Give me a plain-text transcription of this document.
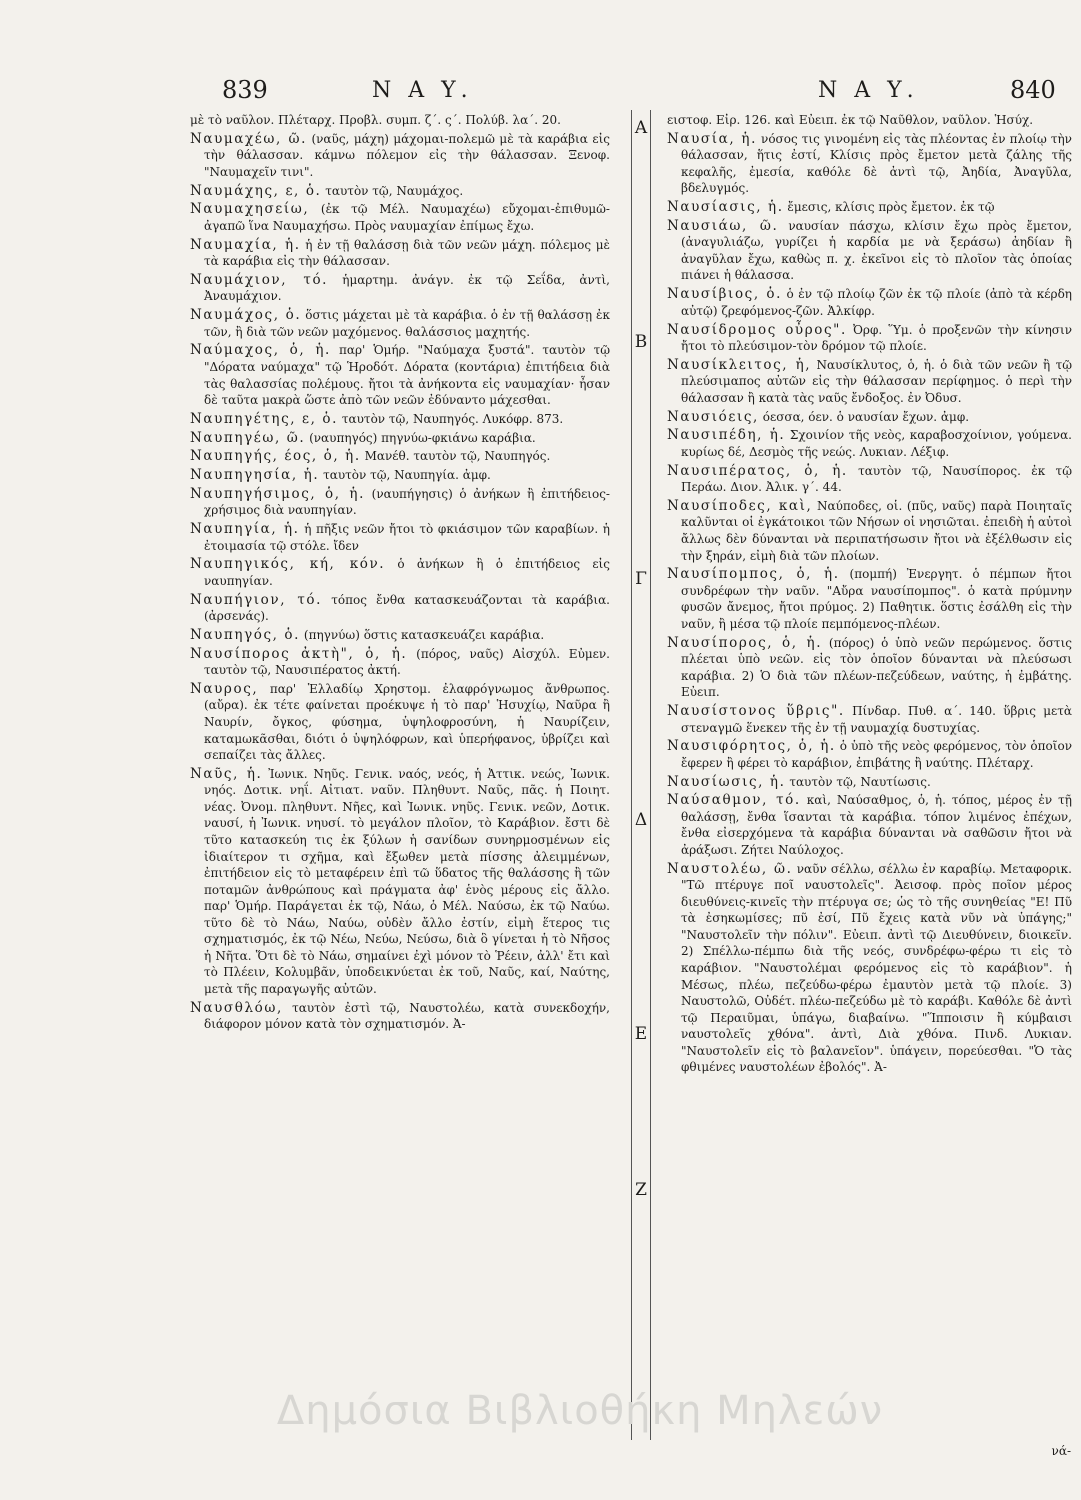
839	Ν Α Υ.	Ν Α Υ.	840
μὲ τὸ ναῦλον. Πλέταρχ. Προβλ. συμπ. ζ΄. ς΄. Πολύβ. λα΄. 20.
Ναυμαχέω, ῶ. (ναῦς, μάχη) μάχομαι-πολεμῶ μὲ τὰ καράβια εἰς τὴν θάλασσαν. κάμνω πόλεμον εἰς τὴν θάλασσαν. Ξενοφ. "Ναυμαχεῖν τινι".
Ναυμάχης, ε, ὁ. ταυτὸν τῷ, Ναυμάχος.
Ναυμαχησείω, (ἐκ τῷ Μέλ. Ναυμαχέω) εὔχομαι-ἐπιθυμῶ-ἀγαπῶ ἵνα Ναυμαχήσω. Πρὸς ναυμαχίαν ἐπίμως ἔχω.
Ναυμαχία, ἡ. ἡ ἐν τῇ θαλάσσῃ διὰ τῶν νεῶν μάχη. πόλεμος μὲ τὰ καράβια εἰς τὴν θάλασσαν.
Ναυμάχιον, τό. ἡμαρτημ. ἀνάγν. ἐκ τῷ Σεΐδα, ἀντὶ, Ἀναυμάχιον.
Ναυμάχος, ὁ. ὅστις μάχεται μὲ τὰ καράβια. ὁ ἐν τῇ θαλάσσῃ ἐκ τῶν, ἢ διὰ τῶν νεῶν μαχόμενος. θαλάσσιος μαχητής.
Ναύμαχος, ὁ, ἡ. παρ' Ὁμήρ. "Ναύμαχα ξυστά". ταυτὸν τῷ "Δόρατα ναύμαχα" τῷ Ἡροδότ. Δόρατα (κοντάρια) ἐπιτήδεια διὰ τὰς θαλασσίας πολέμους. ἤτοι τὰ ἀνήκοντα εἰς ναυμαχίαν· ἦσαν δὲ ταῦτα μακρὰ ὥστε ἀπὸ τῶν νεῶν ἐδύναντο μάχεσθαι.
Ναυπηγέτης, ε, ὁ. ταυτὸν τῷ, Ναυπηγός. Λυκόφρ. 873.
Ναυπηγέω, ῶ. (ναυπηγός) πηγνύω-φκιάνω καράβια.
Ναυπηγής, έος, ὁ, ἡ. Μανέθ. ταυτὸν τῷ, Ναυπηγός.
Ναυπηγησία, ἡ. ταυτὸν τῷ, Ναυπηγία. ἀμφ.
Ναυπηγήσιμος, ὁ, ἡ. (ναυπήγησις) ὁ ἀνήκων ἢ ἐπιτήδειος-χρήσιμος διὰ ναυπηγίαν.
Ναυπηγία, ἡ. ἡ πῆξις νεῶν ἤτοι τὸ φκιάσιμον τῶν καραβίων. ἡ ἐτοιμασία τῷ στόλε. ἴδεν
Ναυπηγικός, κή, κόν. ὁ ἀνήκων ἢ ὁ ἐπιτήδειος εἰς ναυπηγίαν.
Ναυπήγιον, τό. τόπος ἔνθα κατασκευάζονται τὰ καράβια. (ἀρσενάς).
Ναυπηγός, ὁ. (πηγνύω) ὅστις κατασκευάζει καράβια.
Ναυσίπορος ἀκτὴ", ὁ, ἡ. (πόρος, ναῦς) Αἰσχύλ. Εὐμεν. ταυτὸν τῷ, Ναυσιπέρατος ἀκτή.
Ναυρος, παρ' Ἑλλαδίῳ Χρηστομ. ἐλαφρόγνωμος ἄνθρωπος. (αὔρα). ἐκ τέτε φαίνεται προέκυψε ἡ τὸ παρ' Ἡσυχίῳ, Ναῦρα ἢ Ναυρίν, ὄγκος, φύσημα, ὑψηλοφροσύνη, ἡ Ναυρίζειν, καταμωκᾶσθαι, διότι ὁ ὑψηλόφρων, καὶ ὑπερήφανος, ὑβρίζει καὶ σεπαίζει τὰς ἄλλες.
Ναῦς, ἡ. Ἰωνικ. Νηῦς. Γενικ. ναός, νεός, ἡ Ἀττικ. νεώς, Ἰωνικ. νηός. Δοτικ. νηΐ. Αἰτιατ. ναῦν. Πληθυντ. Ναῦς, πᾶς. ἡ Ποιητ. νέας. Ὀνομ. πληθυντ. Νῆες, καὶ Ἰωνικ. νηῦς. Γενικ. νεῶν, Δοτικ. ναυσί, ἡ Ἰωνικ. νηυσί. τὸ μεγάλον πλοῖον, τὸ Καράβιον. ἔστι δὲ τῦτο κατασκεύη τις ἐκ ξύλων ἡ σανίδων συνηρμοσμένων εἰς ἰδιαίτερον τι σχῆμα, καὶ ἔξωθεν μετὰ πίσσης ἀλειμμένων, ἐπιτήδειον εἰς τὸ μεταφέρειν ἐπὶ τῶ ὕδατος τῆς θαλάσσης ἢ τῶν ποταμῶν ἀνθρώπους καὶ πράγματα ἀφ' ἑνὸς μέρους εἰς ἄλλο. παρ' Ὁμήρ. Παράγεται ἐκ τῷ, Νάω, ὁ Μέλ. Ναύσω, ἐκ τῷ Ναύω. τῦτο δὲ τὸ Νάω, Ναύω, οὐδὲν ἄλλο ἐστίν, εἰμὴ ἕτερος τις σχηματισμός, ἐκ τῷ Νέω, Νεύω, Νεύσω, διὰ ὃ γίνεται ἡ τὸ Νῆσος ἡ Νῆτα. Ὅτι δὲ τὸ Νάω, σημαίνει ἐχὶ μόνον τὸ Ῥέειν, ἀλλ' ἔτι καὶ τὸ Πλέειν, Κολυμβᾶν, ὑποδεικνύεται ἐκ τοῦ, Ναῦς, καί, Ναύτης, μετὰ τῆς παραγωγῆς αὐτῶν.
Ναυσθλόω, ταυτὸν ἐστὶ τῷ, Ναυστολέω, κατὰ συνεκδοχήν, διάφορον μόνον κατὰ τὸν σχηματισμόν. Ἀ-
Α
Β
Γ
Δ
Ε
Ζ
ειστοφ. Εἰρ. 126. καὶ Εὐειπ. ἐκ τῷ Ναῦθλον, ναῦλον. Ἡσύχ.
Ναυσία, ἡ. νόσος τις γινομένη εἰς τὰς πλέοντας ἐν πλοίῳ τὴν θάλασσαν, ἥτις ἐστί, Κλίσις πρὸς ἔμετον μετὰ ζάλης τῆς κεφαλῆς, ἐμεσία, καθόλε δὲ ἀντὶ τῷ, Ἀηδία, Ἀναγῦλα, βδελυγμός.
Ναυσίασις, ἡ. ἔμεσις, κλίσις πρὸς ἔμετον. ἐκ τῷ
Ναυσιάω, ῶ. ναυσίαν πάσχω, κλίσιν ἔχω πρὸς ἔμετον, (ἀναγυλιάζω, γυρίζει ἡ καρδία με νὰ ξεράσω) ἀηδίαν ἢ ἀναγῦλαν ἔχω, καθὼς π. χ. ἐκεῖνοι εἰς τὸ πλοῖον τὰς ὁποίας πιάνει ἡ θάλασσα.
Ναυσίβιος, ὁ. ὁ ἐν τῷ πλοίῳ ζῶν ἐκ τῷ πλοίε (ἀπὸ τὰ κέρδη αὐτῷ) ζρεφόμενος-ζῶν. Ἀλκίφρ.
Ναυσίδρομος οὖρος". Ὀρφ. Ὕμ. ὁ προξενῶν τὴν κίνησιν ἤτοι τὸ πλεύσιμον-τὸν δρόμον τῷ πλοίε.
Ναυσίκλειτος, ἡ, Ναυσίκλυτος, ὁ, ἡ. ὁ διὰ τῶν νεῶν ἢ τῷ πλεύσιμαπος αὐτῶν εἰς τὴν θάλασσαν περίφημος. ὁ περὶ τὴν θάλασσαν ἢ κατὰ τὰς ναῦς ἔνδοξος. ἐν Ὀδυσ.
Ναυσιόεις, όεσσα, όεν. ὁ ναυσίαν ἔχων. ἀμφ.
Ναυσιπέδη, ἡ. Σχοινίον τῆς νεὸς, καραβοσχοίνιον, γούμενα. κυρίως δέ, Δεσμὸς τῆς νεώς. Λυκιαν. Λέξιφ.
Ναυσιπέρατος, ὁ, ἡ. ταυτὸν τῷ, Ναυσίπορος. ἐκ τῷ Περάω. Διον. Ἀλικ. γ΄. 44.
Ναυσίποδες, καὶ, Ναύποδες, οἱ. (πῦς, ναῦς) παρὰ Ποιηταῖς καλῦνται οἱ ἐγκάτοικοι τῶν Νήσων οἱ νησιῶται. ἐπειδὴ ἡ αὐτοὶ ἄλλως δὲν δύνανται νὰ περιπατήσωσιν ἤτοι νὰ ἐξέλθωσιν εἰς τὴν ξηράν, εἰμὴ διὰ τῶν πλοίων.
Ναυσίπομπος, ὁ, ἡ. (πομπή) Ἐνεργητ. ὁ πέμπων ἤτοι συνδρέφων τὴν ναῦν. "Αὔρα ναυσίπομπος". ὁ κατὰ πρύμνην φυσῶν ἄνεμος, ἤτοι πρύμος. 2) Παθητικ. ὅστις ἐσάλθη εἰς τὴν ναῦν, ἢ μέσα τῷ πλοίε πεμπόμενος-πλέων.
Ναυσίπορος, ὁ, ἡ. (πόρος) ὁ ὑπὸ νεῶν περώμενος. ὅστις πλέεται ὑπὸ νεῶν. εἰς τὸν ὁποῖον δύνανται νὰ πλεύσωσι καράβια. 2) Ὁ διὰ τῶν πλέων-πεζεύδεων, ναύτης, ἡ ἐμβάτης. Εὐειπ.
Ναυσίστονος ὕβρις". Πίνδαρ. Πυθ. α΄. 140. ὕβρις μετὰ στεναγμῶ ἕνεκεν τῆς ἐν τῇ ναυμαχίᾳ δυστυχίας.
Ναυσιφόρητος, ὁ, ἡ. ὁ ὑπὸ τῆς νεὸς φερόμενος, τὸν ὁποῖον ἔφερεν ἢ φέρει τὸ καράβιον, ἐπιβάτης ἢ ναύτης. Πλέταρχ.
Ναυσίωσις, ἡ. ταυτὸν τῷ, Ναυτίωσις.
Ναύσαθμον, τό. καὶ, Ναύσαθμος, ὁ, ἡ. τόπος, μέρος ἐν τῇ θαλάσσῃ, ἔνθα ἵσανται τὰ καράβια. τόπον λιμένος ἐπέχων, ἔνθα εἰσερχόμενα τὰ καράβια δύνανται νὰ σαθῶσιν ἤτοι νὰ ἀράξωσι. Ζήτει Ναύλοχος.
Ναυστολέω, ῶ. ναῦν σέλλω, σέλλω ἐν καραβίῳ. Μεταφορικ. "Τῶ πτέρυγε ποῖ ναυστολεῖς". Ἀεισοφ. πρὸς ποῖον μέρος διευθύνεις-κινεῖς τὴν πτέρυγα σε; ὡς τὸ τῆς συνηθείας "Ε! Πῦ τὰ ἐσηκωμίσες; πῦ ἐσί, Πῦ ἔχεις κατὰ νῦν νὰ ὑπάγης;" "Ναυστολεῖν τὴν πόλιν". Εὐειπ. ἀντὶ τῷ Διευθύνειν, διοικεῖν. 2) Σπέλλω-πέμπω διὰ τῆς νεός, συνδρέφω-φέρω τι εἰς τὸ καράβιον. "Ναυστολέμαι φερόμενος εἰς τὸ καράβιον". ἡ Μέσως, πλέω, πεζεύδω-φέρω ἐμαυτὸν μετὰ τῷ πλοίε. 3) Ναυστολῶ, Οὐδέτ. πλέω-πεζεύδω μὲ τὸ καράβι. Καθόλε δὲ ἀντὶ τῷ Περαιῦμαι, ὑπάγω, διαβαίνω. "Ἵπποισιν ἢ κύμβαισι ναυστολεῖς χθόνα". ἀντὶ, Διὰ χθόνα. Πινδ. Λυκιαν. "Ναυστολεῖν εἰς τὸ βαλανεῖον". ὑπάγειν, πορεύεσθαι. "Ὁ τὰς φθιμένες ναυστολέων ἐβολός". Ἀ-
νά-
Δημόσια Βιβλιοθήκη Μηλεών
